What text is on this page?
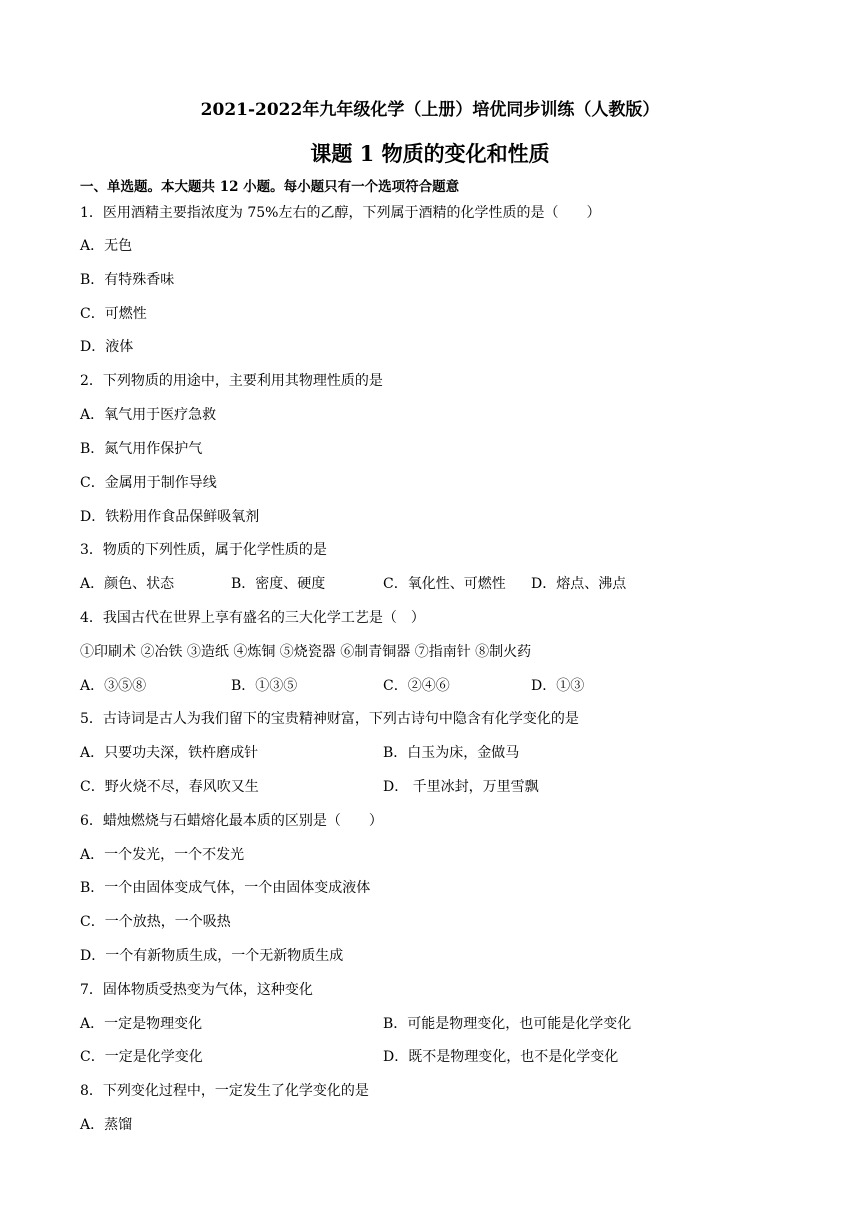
2021-2022年九年级化学（上册）培优同步训练（人教版）
课题 1 物质的变化和性质
一、单选题。本大题共 12 小题。每小题只有一个选项符合题意
1．医用酒精主要指浓度为 75%左右的乙醇，下列属于酒精的化学性质的是（　　）
A．无色
B．有特殊香味
C．可燃性
D．液体
2．下列物质的用途中，主要利用其物理性质的是
A．氧气用于医疗急救
B．氮气用作保护气
C．金属用于制作导线
D．铁粉用作食品保鲜吸氧剂
3．物质的下列性质，属于化学性质的是
A．颜色、状态	B．密度、硬度	C．氧化性、可燃性 D．熔点、沸点
4．我国古代在世界上享有盛名的三大化学工艺是（　）
①印刷术 ②冶铁 ③造纸 ④炼铜 ⑤烧瓷器 ⑥制青铜器 ⑦指南针 ⑧制火药
A．③⑤⑧	B．①③⑤	C．②④⑥	D．①③
5．古诗词是古人为我们留下的宝贵精神财富，下列古诗句中隐含有化学变化的是
A．只要功夫深，铁杵磨成针	B．白玉为床，金做马
C．野火烧不尽，春风吹又生	D． 千里冰封，万里雪飘
6．蜡烛燃烧与石蜡熔化最本质的区别是（　　）
A．一个发光，一个不发光
B．一个由固体变成气体，一个由固体变成液体
C．一个放热，一个吸热
D．一个有新物质生成，一个无新物质生成
7．固体物质受热变为气体，这种变化
A．一定是物理变化	B．可能是物理变化，也可能是化学变化
C．一定是化学变化	D．既不是物理变化，也不是化学变化
8．下列变化过程中，一定发生了化学变化的是
A．蒸馏
